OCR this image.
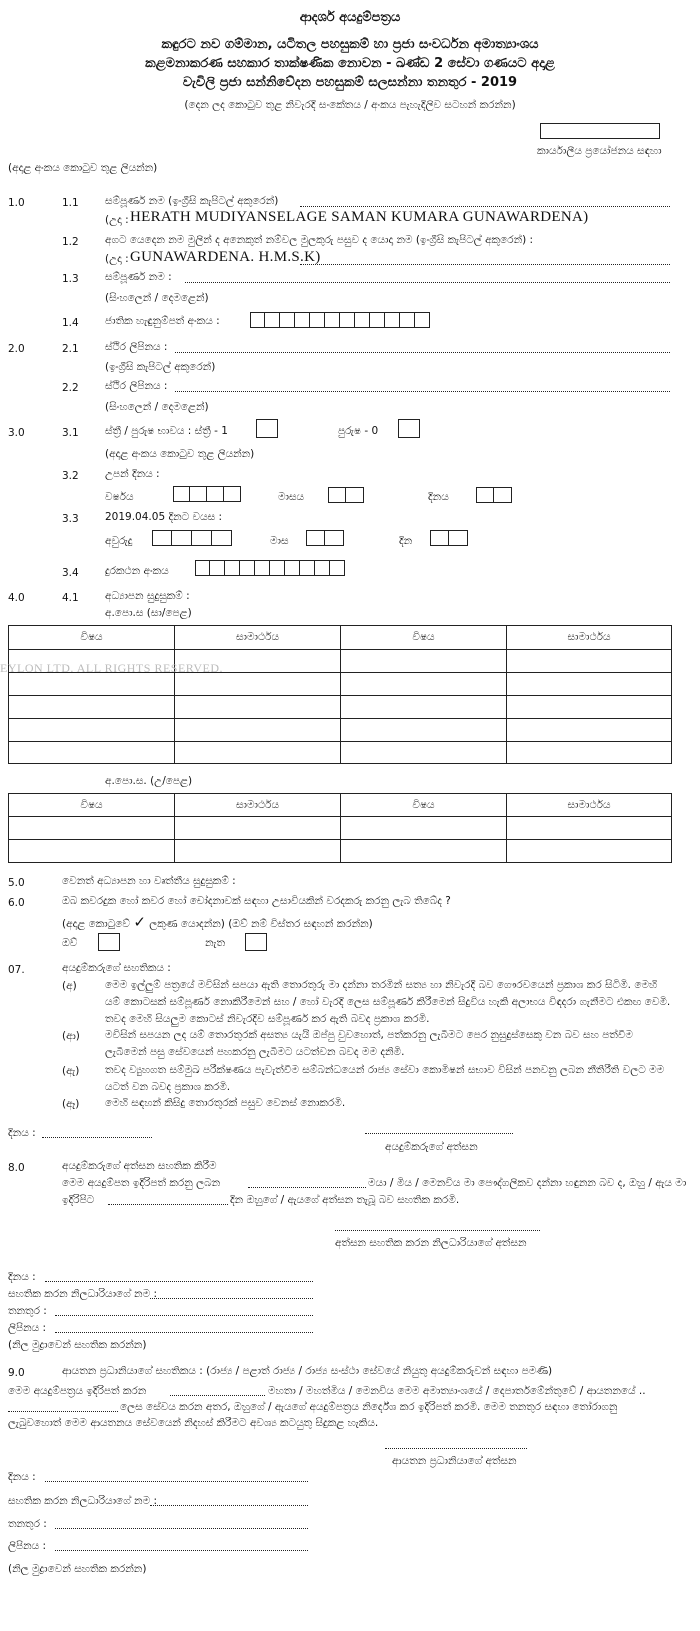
ආදර්ශ අයදුම්පත්‍රය
කඳුරට නව ගම්මාන, යටිතල පහසුකම් හා ප්‍රජා සංවර්ධන අමාත්‍යාංශය
කළමනාකරණ සහකාර තාක්ෂණික නොවන - ඛණ්ඩ 2 සේවා ගණයට අදාළ
වැවිලි ප්‍රජා සන්නිවේදන පහසුකම් සලසන්නා තනතුර - 2019
(දෙන ලද කොටුව තුළ නිවැරදි සංකේතය / අංකය පැහැදිලිව සටහන් කරන්න)
කාර්යාලීය ප්‍රයෝජනය සඳහා
(අදාළ අංකය කොටුව තුළ ලියන්න)
1.0	1.1	සම්පූර්ණ නම (ඉංග්‍රීසි කැපිටල් අකුරෙන්)
(උදා : HERATH MUDIYANSELAGE SAMAN KUMARA GUNAWARDENA)
1.2	අගට යෙදෙන නම මුලින් ද අනෙකුත් නම්වල මුලකුරු පසුව ද යොදා නම (ඉංග්‍රීසි කැපිටල් අකුරෙන්) :
(උදා : GUNAWARDENA. H.M.S.K)
1.3	සම්පූර්ණ නම :
(සිංහලෙන් / දෙමළෙන්)
1.4	ජාතික හැඳුනුම්පත් අංකය :
2.0	2.1	ස්ථිර ලිපිනය :
(ඉංග්‍රීසි කැපිටල් අකුරෙන්)
2.2	ස්ථිර ලිපිනය :
(සිංහලෙන් / දෙමළෙන්)
3.0	3.1	ස්ත්‍රී / පුරුෂ භාවය : ස්ත්‍රී - 1	පුරුෂ - 0
(අදාළ අංකය කොටුව තුළ ලියන්න)
3.2	උපන් දිනය :
වර්ෂය	මාසය	දිනය
3.3	2019.04.05 දිනට වයස :
අවුරුදු	මාස	දින
3.4	දුරකථන අංකය
4.0	4.1	අධ්‍යාපන සුදුසුකම් :
අ.පො.ස (සා/පෙළ)
විෂය	සාමාර්ථය	විෂය	සාමාර්ථය

EYLON LTD. ALL RIGHTS RESERVED.
අ.පො.ස. (උ/පෙළ)
විෂය	සාමාර්ථය	විෂය	සාමාර්ථය

5.0	වෙනත් අධ්‍යාපන හා වෘත්තීය සුදුසුකම් :
6.0	ඔබ කවරදුක හෝ කවර හෝ චෝදනාවක් සඳහා උසාවියකින් වරදකරු කරනු ලැබ තිබේද ?
(අදාළ කොටුවේ ✓ ලකුණ යොදන්න) (ඔව් නම් විස්තර සඳහන් කරන්න)
ඔව්	නැත
07.	අයදුම්කරුගේ සහතිකය :
(අ)	මෙම ඉල්ලුම් පත්‍රයේ මවිසින් සපයා ඇති තොරතුරු මා දන්නා තරමින් සත්‍ය හා නිවැරදි බව ගෞරවයෙන් ප්‍රකාශ කර සිටිමි. මෙහි යම් කොටසක් සම්පූර්ණ නොකිරීමෙන් සහ / හෝ වැරදි ලෙස සම්පූර්ණ කිරීමෙන් සිදුවිය හැකි අලාභය විඳදරා ගැනීමට එකඟ වෙමි. තවද මෙහි සියලුම කොටස් නිවැරදිව සම්පූර්ණ කර ඇති බවද ප්‍රකාශ කරමි.
(ආ) මවිසින් සපයන ලද යම් තොරතුරක් අසත්‍ය යැයි ඔප්පු වුවහොත්, පත්කරනු ලැබීමට පෙර නුසුදුස්සෙකු වන බව සහ පත්වීම ලැබීමෙන් පසු සේවයෙන් පහකරනු ලැබීමට යටත්වන බවද මම දනිමි.
(ඇ) තවද ව්‍යුහගත සම්මුඛ පරීක්ෂණය පැවැත්වීම සම්බන්ධයෙන් රාජ්‍ය සේවා කොමිෂන් සභාව විසින් පනවනු ලබන නීතිරීති වලට මම යටත් වන බවද ප්‍රකාශ කරමි.
(ඈ) මෙහි සඳහන් කිසිදු තොරතුරක් පසුව වෙනස් නොකරමි.
දිනය :
අයදුම්කරුගේ අත්සන
8.0	අයදුම්කරුගේ අත්සන සහතික කිරීම
මෙම අයදුම්පත ඉදිරිපත් කරනු ලබන	මයා / මිය / මෙනවිය මා පෞද්ගලිකව දන්නා හඳුනන බව ද, ඔහු / ඇය මා
ඉදිරිපිට	දින ඔහුගේ / ඇයගේ අත්සන තැබූ බව සහතික කරමි.
අත්සන සහතික කරන නිලධාරියාගේ අත්සන
දිනය :
සහතික කරන නිලධාරියාගේ නම :
තනතුර :
ලිපිනය :
(නිල මුද්‍රාවෙන් සහතික කරන්න)
9.0	ආයතන ප්‍රධානියාගේ සහතිකය : (රාජ්‍ය / පළාත් රාජ්‍ය / රාජ්‍ය සංස්ථා සේවයේ නියුතු අයදුම්කරුවන් සඳහා පමණි)
මෙම අයදුම්පත්‍රය ඉදිරිපත් කරන	මහතා / මහත්මිය / මෙනවිය මෙම අමාත්‍යාංශයේ / දෙපාර්තමේන්තුවේ / ආයතනයේ ..
ලෙස සේවය කරන අතර, ඔහුගේ / ඇයගේ අයදුම්පත්‍රය නිර්දේශ කර ඉදිරිපත් කරමි. මෙම තනතුර සඳහා තෝරාගනු
ලැබුවහොත් මෙම ආයතනය සේවයෙන් නිදහස් කිරීමට අවශ්‍ය කටයුතු සිදුකළ හැකිය.
ආයතන ප්‍රධානියාගේ අත්සන
දිනය :
සහතික කරන නිලධාරියාගේ නම :
තනතුර :
ලිපිනය :
(නිල මුද්‍රාවෙන් සහතික කරන්න)
